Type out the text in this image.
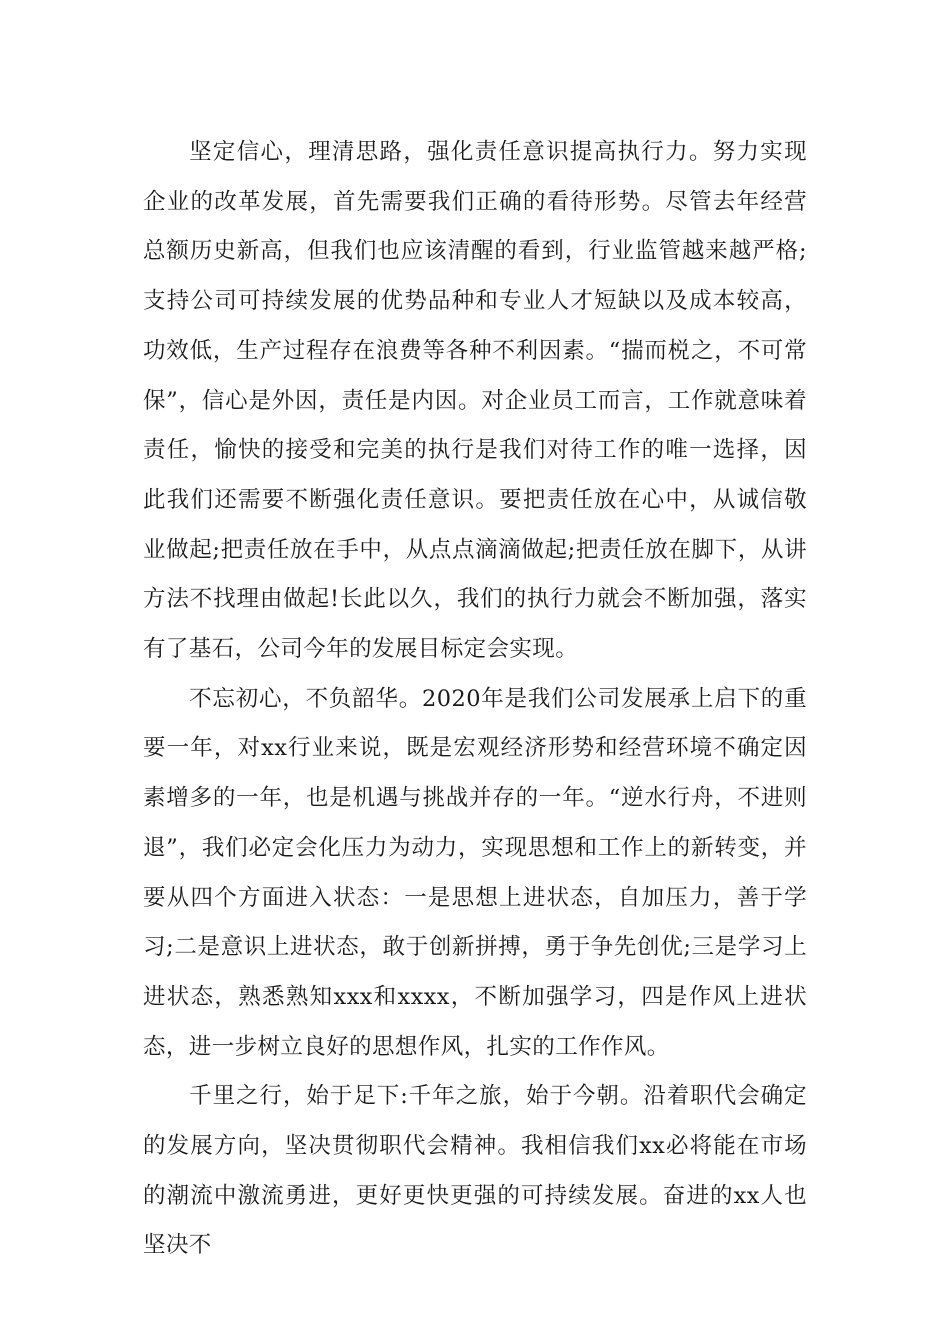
坚定信心，理清思路，强化责任意识提高执行力。努力实现企业的改革发展，首先需要我们正确的看待形势。尽管去年经营总额历史新高，但我们也应该清醒的看到，行业监管越来越严格;支持公司可持续发展的优势品种和专业人才短缺以及成本较高，功效低，生产过程存在浪费等各种不利因素。“揣而棁之，不可常保”，信心是外因，责任是内因。对企业员工而言，工作就意味着责任，愉快的接受和完美的执行是我们对待工作的唯一选择，因此我们还需要不断强化责任意识。要把责任放在心中，从诚信敬业做起;把责任放在手中，从点点滴滴做起;把责任放在脚下，从讲方法不找理由做起!长此以久，我们的执行力就会不断加强，落实有了基石，公司今年的发展目标定会实现。

不忘初心，不负韶华。2020年是我们公司发展承上启下的重要一年，对xx行业来说，既是宏观经济形势和经营环境不确定因素增多的一年，也是机遇与挑战并存的一年。“逆水行舟，不进则退”，我们必定会化压力为动力，实现思想和工作上的新转变，并要从四个方面进入状态：一是思想上进状态，自加压力，善于学习;二是意识上进状态，敢于创新拼搏，勇于争先创优;三是学习上进状态，熟悉熟知xxx和xxxx，不断加强学习，四是作风上进状态，进一步树立良好的思想作风，扎实的工作作风。

千里之行，始于足下:千年之旅，始于今朝。沿着职代会确定的发展方向，坚决贯彻职代会精神。我相信我们xx必将能在市场的潮流中激流勇进，更好更快更强的可持续发展。奋进的xx人也坚决不
